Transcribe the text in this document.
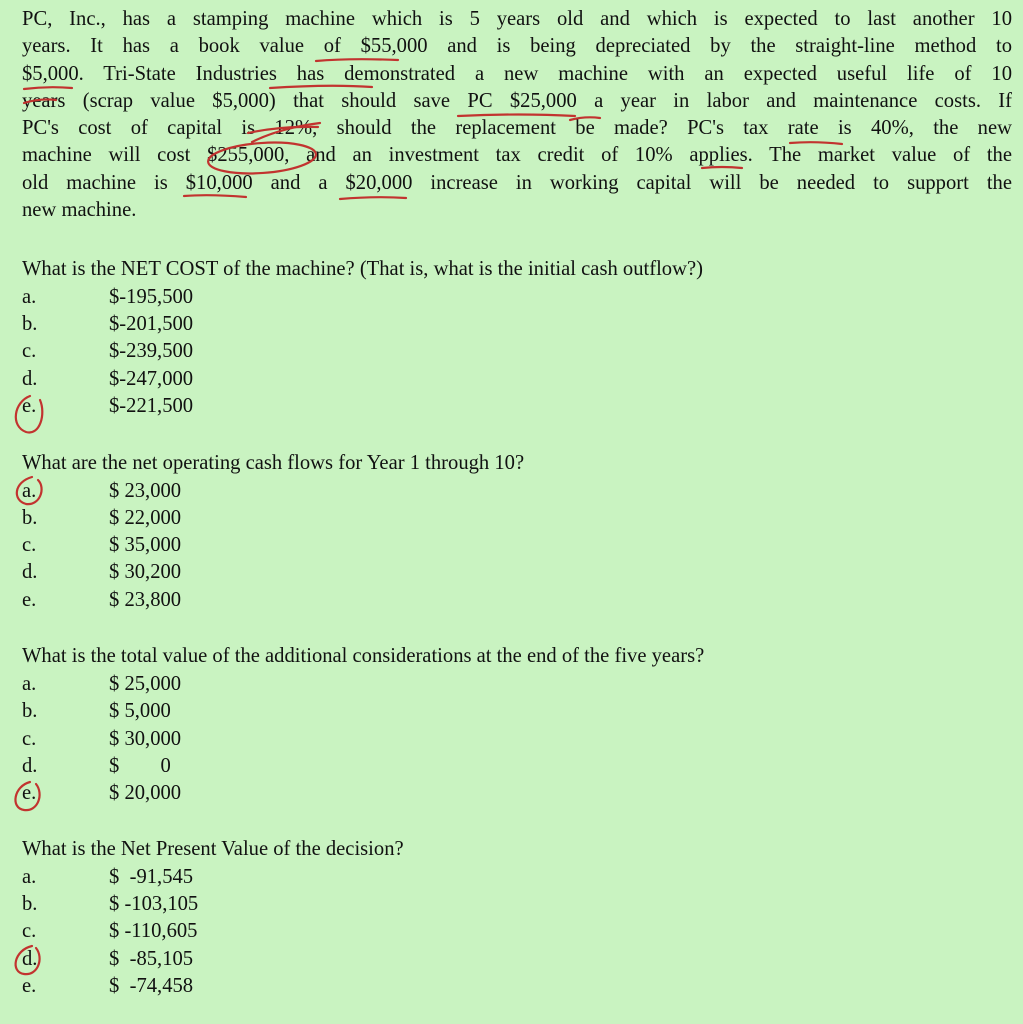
PC, Inc., has a stamping machine which is 5 years old and which is expected to last another 10
years. It has a book value of $55,000 and is being depreciated by the straight-line method to
$5,000. Tri-State Industries has demonstrated a new machine with an expected useful life of 10
years (scrap value $5,000) that should save PC $25,000 a year in labor and maintenance costs. If
PC's cost of capital is 12%, should the replacement be made? PC's tax rate is 40%, the new
machine will cost $255,000, and an investment tax credit of 10% applies. The market value of the
old machine is $10,000 and a $20,000 increase in working capital will be needed to support the
new machine.
What is the NET COST of the machine? (That is, what is the initial cash outflow?)
a.	$-195,500
b.	$-201,500
c.	$-239,500
d.	$-247,000
e.	$-221,500
What are the net operating cash flows for Year 1 through 10?
a.	$ 23,000
b.	$ 22,000
c.	$ 35,000
d.	$ 30,200
e.	$ 23,800
What is the total value of the additional considerations at the end of the five years?
a.	$ 25,000
b.	$ 5,000
c.	$ 30,000
d.	$        0
e.	$ 20,000
What is the Net Present Value of the decision?
a.	$  -91,545
b.	$ -103,105
c.	$ -110,605
d.	$  -85,105
e.	$  -74,458
